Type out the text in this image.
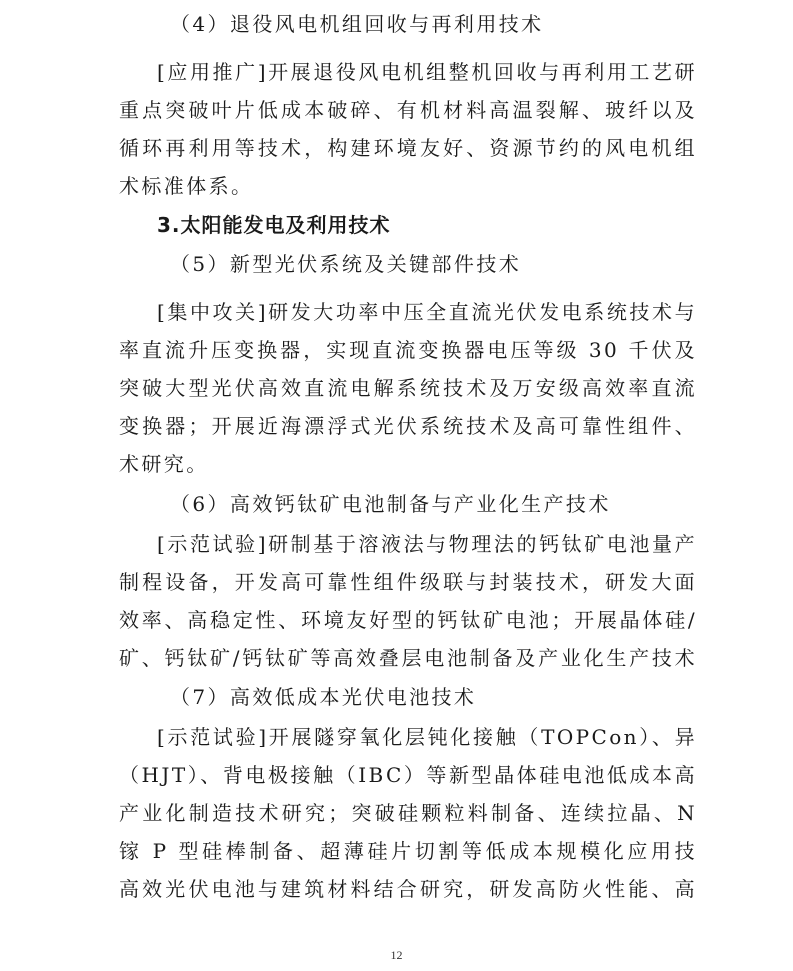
（4）退役风电机组回收与再利用技术
[应用推广]开展退役风电机组整机回收与再利用工艺研
重点突破叶片低成本破碎、有机材料高温裂解、玻纤以及
循环再利用等技术，构建环境友好、资源节约的风电机组
术标准体系。
3.太阳能发电及利用技术
（5）新型光伏系统及关键部件技术
[集中攻关]研发大功率中压全直流光伏发电系统技术与
率直流升压变换器，实现直流变换器电压等级 30 千伏及
突破大型光伏高效直流电解系统技术及万安级高效率直流
变换器；开展近海漂浮式光伏系统技术及高可靠性组件、
术研究。
（6）高效钙钛矿电池制备与产业化生产技术
[示范试验]研制基于溶液法与物理法的钙钛矿电池量产
制程设备，开发高可靠性组件级联与封装技术，研发大面
效率、高稳定性、环境友好型的钙钛矿电池；开展晶体硅/
矿、钙钛矿/钙钛矿等高效叠层电池制备及产业化生产技术
（7）高效低成本光伏电池技术
[示范试验]开展隧穿氧化层钝化接触（TOPCon）、异
（HJT）、背电极接触（IBC）等新型晶体硅电池低成本高
产业化制造技术研究；突破硅颗粒料制备、连续拉晶、N
镓 P 型硅棒制备、超薄硅片切割等低成本规模化应用技
高效光伏电池与建筑材料结合研究，研发高防火性能、高
12
